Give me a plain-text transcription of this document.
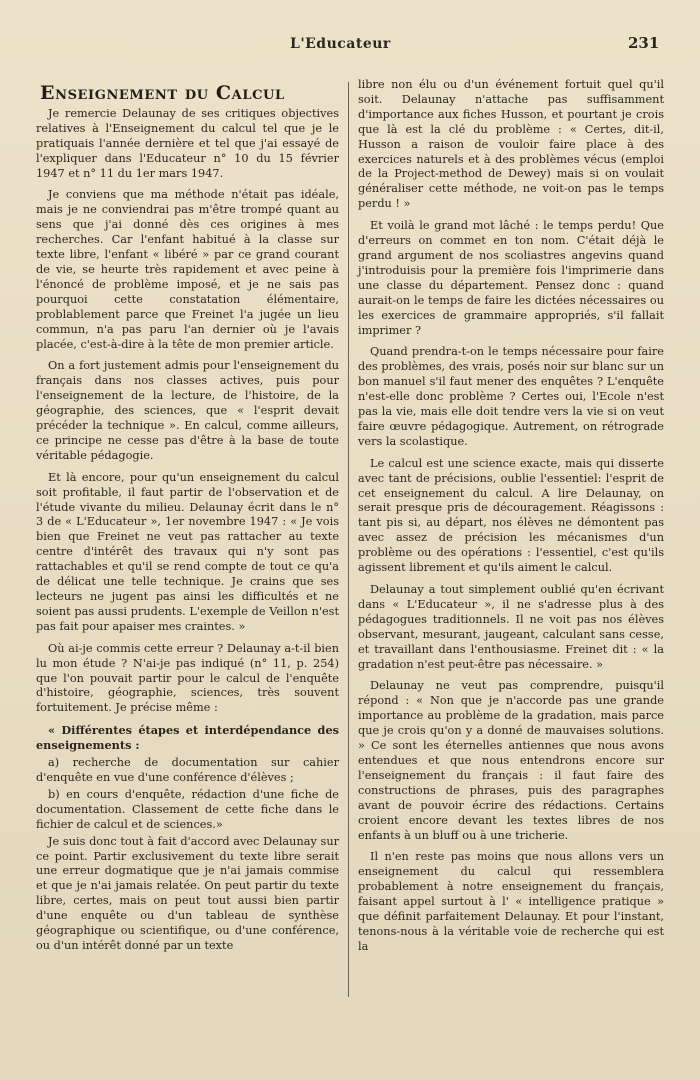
L'Educateur	231
Enseignement du Calcul

Je remercie Delaunay de ses critiques objectives relatives à l'Enseignement du calcul tel que je le pratiquais l'année dernière et tel que j'ai essayé de l'expliquer dans l'Educateur n° 10 du 15 février 1947 et n° 11 du 1er mars 1947.

Je conviens que ma méthode n'était pas idéale, mais je ne conviendrai pas m'être trompé quant au sens que j'ai donné dès ces origines à mes recherches. Car l'enfant habitué à la classe sur texte libre, l'enfant « libéré » par ce grand courant de vie, se heurte très rapidement et avec peine à l'énoncé de problème imposé, et je ne sais pas pourquoi cette constatation élémentaire, problablement parce que Freinet l'a jugée un lieu commun, n'a pas paru l'an dernier où je l'avais placée, c'est-à-dire à la tête de mon premier article.

On a fort justement admis pour l'enseignement du français dans nos classes actives, puis pour l'enseignement de la lecture, de l'histoire, de la géographie, des sciences, que « l'esprit devait précéder la technique ». En calcul, comme ailleurs, ce principe ne cesse pas d'être à la base de toute véritable pédagogie.

Et là encore, pour qu'un enseignement du calcul soit profitable, il faut partir de l'observation et de l'étude vivante du milieu. Delaunay écrit dans le n° 3 de « L'Educateur », 1er novembre 1947 : « Je vois bien que Freinet ne veut pas rattacher au texte centre d'intérêt des travaux qui n'y sont pas rattachables et qu'il se rend compte de tout ce qu'a de délicat une telle technique. Je crains que ses lecteurs ne jugent pas ainsi les difficultés et ne soient pas aussi prudents. L'exemple de Veillon n'est pas fait pour apaiser mes craintes. »

Où ai-je commis cette erreur ? Delaunay a-t-il bien lu mon étude ? N'ai-je pas indiqué (n° 11, p. 254) que l'on pouvait partir pour le calcul de l'enquête d'histoire, géographie, sciences, très souvent fortuitement. Je précise même :

« Différentes étapes et interdépendance des enseignements :

a) recherche de documentation sur cahier d'enquête en vue d'une conférence d'élèves ;

b) en cours d'enquête, rédaction d'une fiche de documentation. Classement de cette fiche dans le fichier de calcul et de sciences.»

Je suis donc tout à fait d'accord avec Delaunay sur ce point. Partir exclusivement du texte libre serait une erreur dogmatique que je n'ai jamais commise et que je n'ai jamais relatée. On peut partir du texte libre, certes, mais on peut tout aussi bien partir d'une enquête ou d'un tableau de synthèse géographique ou scientifique, ou d'une conférence, ou d'un intérêt donné par un texte

libre non élu ou d'un événement fortuit quel qu'il soit. Delaunay n'attache pas suffisamment d'importance aux fiches Husson, et pourtant je crois que là est la clé du problème : « Certes, dit-il, Husson a raison de vouloir faire place à des exercices naturels et à des problèmes vécus (emploi de la Project-method de Dewey) mais si on voulait généraliser cette méthode, ne voit-on pas le temps perdu ! »

Et voilà le grand mot lâché : le temps perdu! Que d'erreurs on commet en ton nom. C'était déjà le grand argument de nos scoliastres angevins quand j'introduisis pour la première fois l'imprimerie dans une classe du département. Pensez donc : quand aurait-on le temps de faire les dictées nécessaires ou les exercices de grammaire appropriés, s'il fallait imprimer ?

Quand prendra-t-on le temps nécessaire pour faire des problèmes, des vrais, posés noir sur blanc sur un bon manuel s'il faut mener des enquêtes ? L'enquête n'est-elle donc problème ? Certes oui, l'Ecole n'est pas la vie, mais elle doit tendre vers la vie si on veut faire œuvre pédagogique. Autrement, on rétrograde vers la scolastique.

Le calcul est une science exacte, mais qui disserte avec tant de précisions, oublie l'essentiel: l'esprit de cet enseignement du calcul. A lire Delaunay, on serait presque pris de découragement. Réagissons : tant pis si, au départ, nos élèves ne démontent pas avec assez de précision les mécanismes d'un problème ou des opérations : l'essentiel, c'est qu'ils agissent librement et qu'ils aiment le calcul.

Delaunay a tout simplement oublié qu'en écrivant dans « L'Educateur », il ne s'adresse plus à des pédagogues traditionnels. Il ne voit pas nos élèves observant, mesurant, jaugeant, calculant sans cesse, et travaillant dans l'enthousiasme. Freinet dit : « la gradation n'est peut-être pas nécessaire. »

Delaunay ne veut pas comprendre, puisqu'il répond : « Non que je n'accorde pas une grande importance au problème de la gradation, mais parce que je crois qu'on y a donné de mauvaises solutions. » Ce sont les éternelles antiennes que nous avons entendues et que nous entendrons encore sur l'enseignement du français : il faut faire des constructions de phrases, puis des paragraphes avant de pouvoir écrire des rédactions. Certains croient encore devant les textes libres de nos enfants à un bluff ou à une tricherie.

Il n'en reste pas moins que nous allons vers un enseignement du calcul qui ressemblera probablement à notre enseignement du français, faisant appel surtout à l' « intelligence pratique » que définit parfaitement Delaunay. Et pour l'instant, tenons-nous à la véritable voie de recherche qui est la
